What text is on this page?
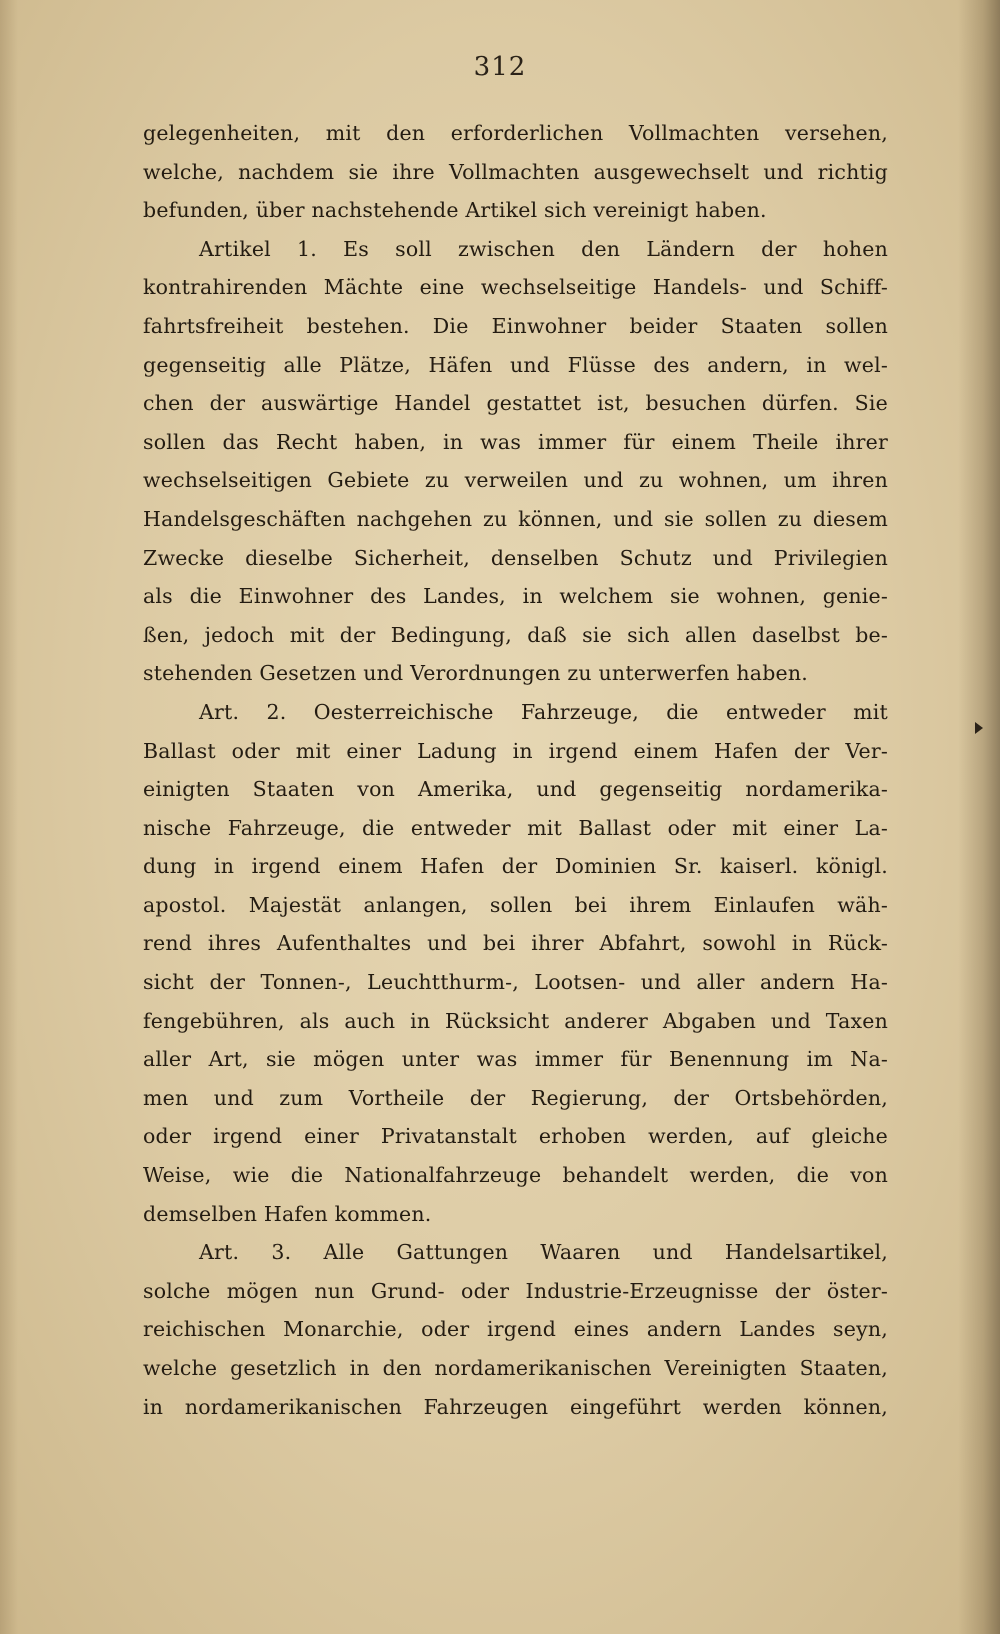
312
gelegenheiten, mit den erforderlichen Vollmachten versehen,
welche, nachdem sie ihre Vollmachten ausgewechselt und richtig
befunden, über nachstehende Artikel sich vereinigt haben.
Artikel 1. Es soll zwischen den Ländern der hohen
kontrahirenden Mächte eine wechselseitige Handels- und Schiff-
fahrtsfreiheit bestehen. Die Einwohner beider Staaten sollen
gegenseitig alle Plätze, Häfen und Flüsse des andern, in wel-
chen der auswärtige Handel gestattet ist, besuchen dürfen. Sie
sollen das Recht haben, in was immer für einem Theile ihrer
wechselseitigen Gebiete zu verweilen und zu wohnen, um ihren
Handelsgeschäften nachgehen zu können, und sie sollen zu diesem
Zwecke dieselbe Sicherheit, denselben Schutz und Privilegien
als die Einwohner des Landes, in welchem sie wohnen, genie-
ßen, jedoch mit der Bedingung, daß sie sich allen daselbst be-
stehenden Gesetzen und Verordnungen zu unterwerfen haben.
Art. 2. Oesterreichische Fahrzeuge, die entweder mit
Ballast oder mit einer Ladung in irgend einem Hafen der Ver-
einigten Staaten von Amerika, und gegenseitig nordamerika-
nische Fahrzeuge, die entweder mit Ballast oder mit einer La-
dung in irgend einem Hafen der Dominien Sr. kaiserl. königl.
apostol. Majestät anlangen, sollen bei ihrem Einlaufen wäh-
rend ihres Aufenthaltes und bei ihrer Abfahrt, sowohl in Rück-
sicht der Tonnen-, Leuchtthurm-, Lootsen- und aller andern Ha-
fengebühren, als auch in Rücksicht anderer Abgaben und Taxen
aller Art, sie mögen unter was immer für Benennung im Na-
men und zum Vortheile der Regierung, der Ortsbehörden,
oder irgend einer Privatanstalt erhoben werden, auf gleiche
Weise, wie die Nationalfahrzeuge behandelt werden, die von
demselben Hafen kommen.
Art. 3. Alle Gattungen Waaren und Handelsartikel,
solche mögen nun Grund- oder Industrie-Erzeugnisse der öster-
reichischen Monarchie, oder irgend eines andern Landes seyn,
welche gesetzlich in den nordamerikanischen Vereinigten Staaten,
in nordamerikanischen Fahrzeugen eingeführt werden können,
